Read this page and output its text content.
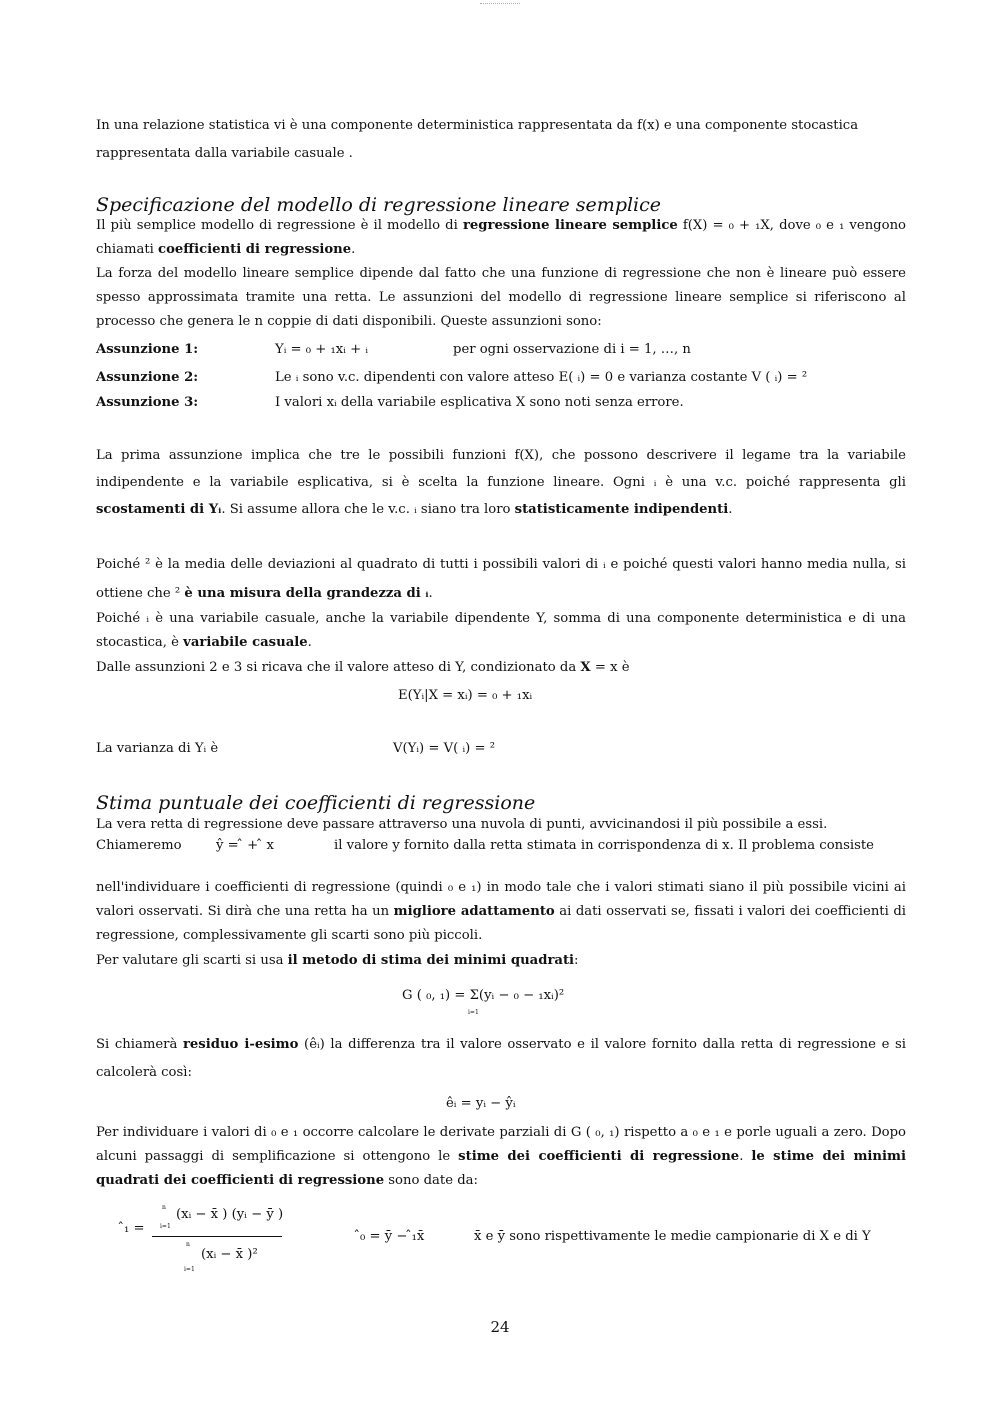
In una relazione statistica vi è una componente deterministica rappresentata da f(x) e una componente stocastica
rappresentata dalla variabile casuale .
Specificazione del modello di regressione lineare semplice
Il più semplice modello di regressione è il modello di regressione lineare semplice f(X) = ₀ + ₁X, dove ₀ e ₁ vengono chiamati coefficienti di regressione.
La forza del modello lineare semplice dipende dal fatto che una funzione di regressione che non è lineare può essere spesso approssimata tramite una retta. Le assunzioni del modello di regressione lineare semplice si riferiscono al processo che genera le n coppie di dati disponibili. Queste assunzioni sono:
Assunzione 1:	Yᵢ = ₀ + ₁xᵢ + ᵢ	per ogni osservazione di i = 1, …, n
Assunzione 2:	Le ᵢ sono v.c. dipendenti con valore atteso E( ᵢ) = 0 e varianza costante V ( ᵢ) = ²
Assunzione 3:	I valori xᵢ della variabile esplicativa X sono noti senza errore.
La prima assunzione implica che tre le possibili funzioni f(X), che possono descrivere il legame tra la variabile indipendente e la variabile esplicativa, si è scelta la funzione lineare. Ogni ᵢ è una v.c. poiché rappresenta gli scostamenti di Yᵢ. Si assume allora che le v.c. ᵢ siano tra loro statisticamente indipendenti.
Poiché ² è la media delle deviazioni al quadrato di tutti i possibili valori di ᵢ e poiché questi valori hanno media nulla, si ottiene che ² è una misura della grandezza di ᵢ.
Poiché ᵢ è una variabile casuale, anche la variabile dipendente Y, somma di una componente deterministica e di una stocastica, è variabile casuale.
Dalle assunzioni 2 e 3 si ricava che il valore atteso di Y, condizionato da X = x è
E(Yᵢ|X = xᵢ) = ₀ + ₁xᵢ
La varianza di Yᵢ è	V(Yᵢ) = V( ᵢ) = ²
Stima puntuale dei coefficienti di regressione
La vera retta di regressione deve passare attraverso una nuvola di punti, avvicinandosi il più possibile a essi.
Chiameremo	ŷ = ̂ + ̂ x	il valore y fornito dalla retta stimata in corrispondenza di x. Il problema consiste
nell'individuare i coefficienti di regressione (quindi ₀ e ₁) in modo tale che i valori stimati siano il più possibile vicini ai valori osservati. Si dirà che una retta ha un migliore adattamento ai dati osservati se, fissati i valori dei coefficienti di regressione, complessivamente gli scarti sono più piccoli.
Per valutare gli scarti si usa il metodo di stima dei minimi quadrati:
G ( ₀, ₁) = Σ(yᵢ − ₀ − ₁xᵢ)²
i=1
Si chiamerà residuo i-esimo (êᵢ) la differenza tra il valore osservato e il valore fornito dalla retta di regressione e si calcolerà così:
êᵢ = yᵢ − ŷᵢ
Per individuare i valori di ₀ e ₁ occorre calcolare le derivate parziali di G ( ₀, ₁) rispetto a ₀ e ₁ e porle uguali a zero. Dopo alcuni passaggi di semplificazione si ottengono le stime dei coefficienti di regressione. le stime dei minimi quadrati dei coefficienti di regressione sono date da:
̂₁ =
n
i=1
(xᵢ − x̄ ) (yᵢ − ȳ )
n
i=1
(xᵢ − x̄ )²
̂₀ = ȳ − ̂₁x̄	x̄ e ȳ sono rispettivamente le medie campionarie di X e di Y
24
